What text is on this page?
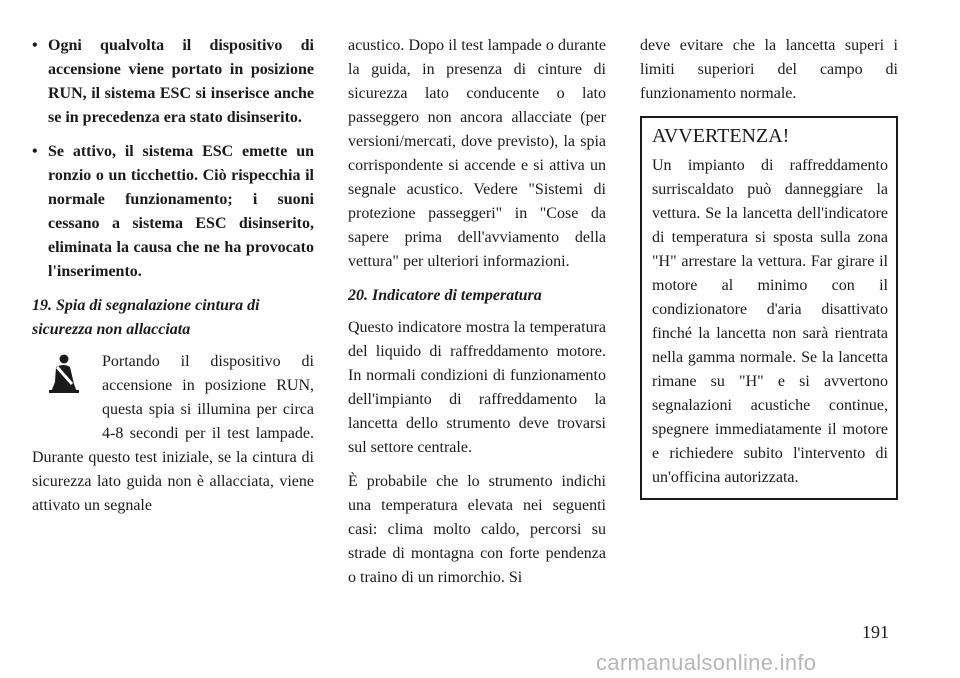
• Ogni qualvolta il dispositivo di accensione viene portato in posizione RUN, il sistema ESC si inserisce anche se in precedenza era stato disinserito.
• Se attivo, il sistema ESC emette un ronzio o un ticchettio. Ciò rispecchia il normale funzionamento; i suoni cessano a sistema ESC disinserito, eliminata la causa che ne ha provocato l'inserimento.
19. Spia di segnalazione cintura di sicurezza non allacciata
Portando il dispositivo di accensione in posizione RUN, questa spia si illumina per circa 4-8 secondi per il test lampade. Durante questo test iniziale, se la cintura di sicurezza lato guida non è allacciata, viene attivato un segnale

acustico. Dopo il test lampade o durante la guida, in presenza di cinture di sicurezza lato conducente o lato passeggero non ancora allacciate (per versioni/mercati, dove previsto), la spia corrispondente si accende e si attiva un segnale acustico. Vedere "Sistemi di protezione passeggeri" in "Cose da sapere prima dell'avviamento della vettura" per ulteriori informazioni.

20. Indicatore di temperatura

Questo indicatore mostra la temperatura del liquido di raffreddamento motore. In normali condizioni di funzionamento dell'impianto di raffreddamento la lancetta dello strumento deve trovarsi sul settore centrale.

È probabile che lo strumento indichi una temperatura elevata nei seguenti casi: clima molto caldo, percorsi su strade di montagna con forte pendenza o traino di un rimorchio. Si

deve evitare che la lancetta superi i limiti superiori del campo di funzionamento normale.

AVVERTENZA!
Un impianto di raffreddamento surriscaldato può danneggiare la vettura. Se la lancetta dell'indicatore di temperatura si sposta sulla zona "H" arrestare la vettura. Far girare il motore al minimo con il condizionatore d'aria disattivato finché la lancetta non sarà rientrata nella gamma normale. Se la lancetta rimane su "H" e si avvertono segnalazioni acustiche continue, spegnere immediatamente il motore e richiedere subito l'intervento di un'officina autorizzata.
191
carmanualsonline.info
